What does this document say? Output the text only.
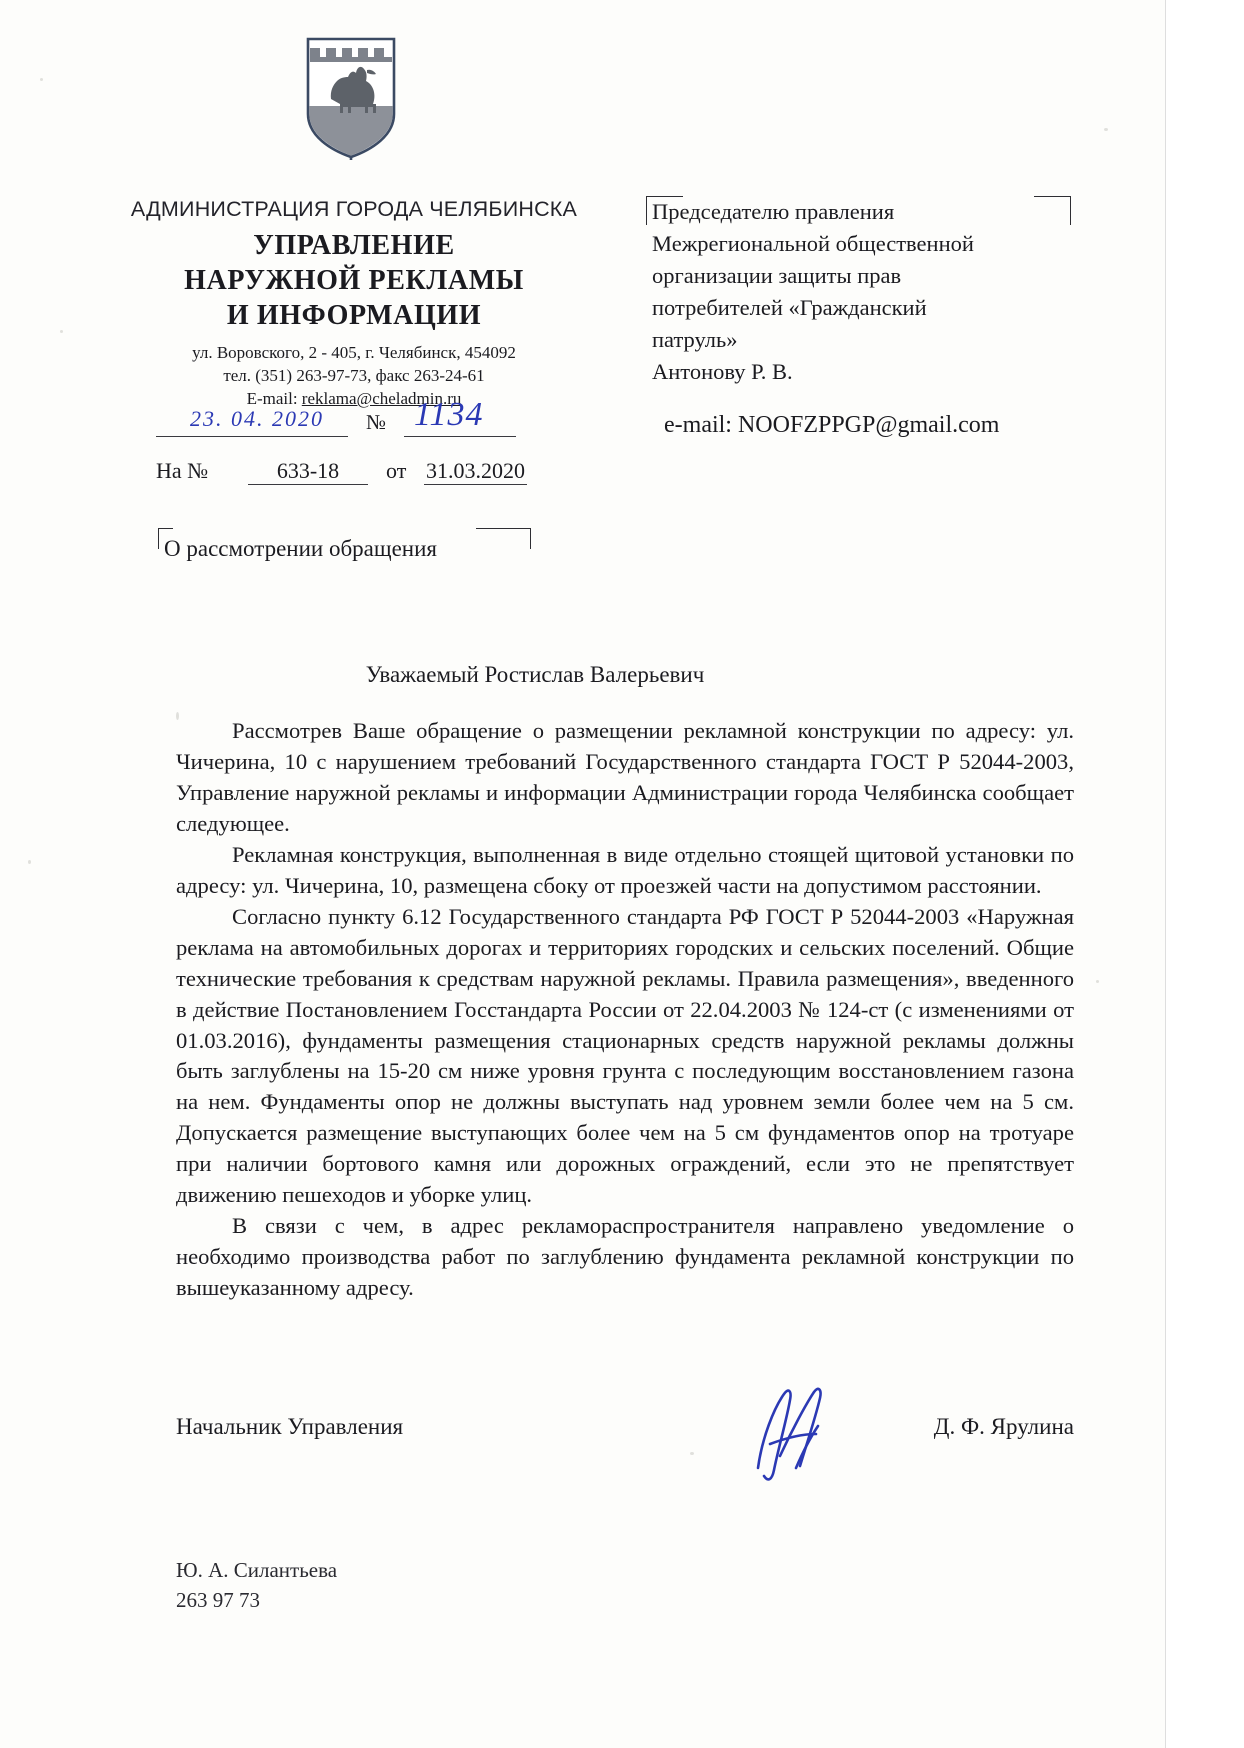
АДМИНИСТРАЦИЯ ГОРОДА ЧЕЛЯБИНСКА
УПРАВЛЕНИЕ
НАРУЖНОЙ РЕКЛАМЫ
И ИНФОРМАЦИИ
ул. Воровского, 2 - 405, г. Челябинск, 454092
тел. (351) 263-97-73, факс 263-24-61
E-mail: reklama@cheladmin.ru
23. 04. 2020 № 1134
На №	633-18	от 31.03.2020
Председателю правления
Межрегиональной общественной
организации защиты прав
потребителей «Гражданский
патруль»
Антонову Р. В.
e-mail: NOOFZPPGP@gmail.com
О рассмотрении обращения
Уважаемый Ростислав Валерьевич

Рассмотрев Ваше обращение о размещении рекламной конструкции по адресу: ул. Чичерина, 10 с нарушением требований Государственного стандарта ГОСТ Р 52044-2003, Управление наружной рекламы и информации Администрации города Челябинска сообщает следующее.

Рекламная конструкция, выполненная в виде отдельно стоящей щитовой установки по адресу: ул. Чичерина, 10, размещена сбоку от проезжей части на допустимом расстоянии.

Согласно пункту 6.12 Государственного стандарта РФ ГОСТ Р 52044-2003 «Наружная реклама на автомобильных дорогах и территориях городских и сельских поселений. Общие технические требования к средствам наружной рекламы. Правила размещения», введенного в действие Постановлением Госстандарта России от 22.04.2003 № 124-ст (с изменениями от 01.03.2016), фундаменты размещения стационарных средств наружной рекламы должны быть заглублены на 15-20 см ниже уровня грунта с последующим восстановлением газона на нем. Фундаменты опор не должны выступать над уровнем земли более чем на 5 см. Допускается размещение выступающих более чем на 5 см фундаментов опор на тротуаре при наличии бортового камня или дорожных ограждений, если это не препятствует движению пешеходов и уборке улиц.

В связи с чем, в адрес рекламораспространителя направлено уведомление о необходимо производства работ по заглублению фундамента рекламной конструкции по вышеуказанному адресу.

Начальник Управления	Д. Ф. Ярулина
Ю. А. Силантьева
263 97 73
